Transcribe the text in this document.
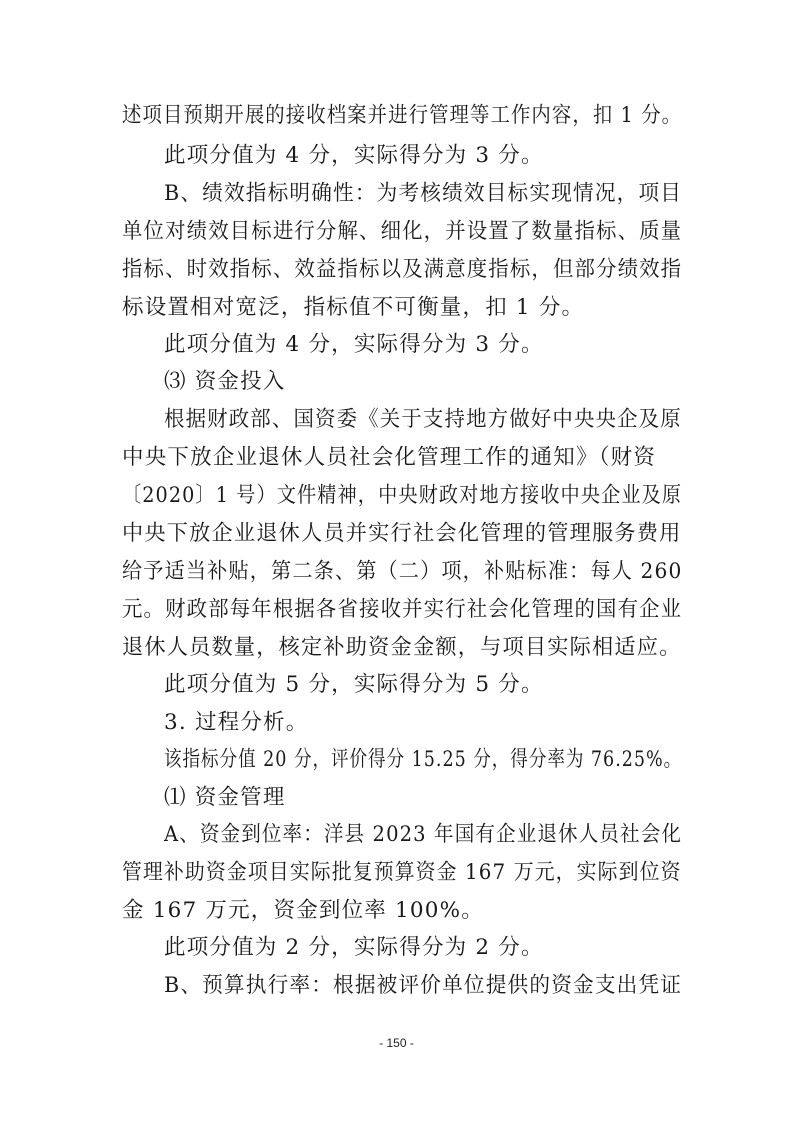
述项目预期开展的接收档案并进行管理等工作内容，扣 1 分。
此项分值为 4 分，实际得分为 3 分。
B、绩效指标明确性：为考核绩效目标实现情况，项目
单位对绩效目标进行分解、细化，并设置了数量指标、质量
指标、时效指标、效益指标以及满意度指标，但部分绩效指
标设置相对宽泛，指标值不可衡量，扣 1 分。
此项分值为 4 分，实际得分为 3 分。
⑶ 资金投入
根据财政部、国资委《关于支持地方做好中央央企及原
中央下放企业退休人员社会化管理工作的通知》（财资
〔2020〕1 号）文件精神，中央财政对地方接收中央企业及原
中央下放企业退休人员并实行社会化管理的管理服务费用
给予适当补贴，第二条、第（二）项，补贴标准：每人 260
元。财政部每年根据各省接收并实行社会化管理的国有企业
退休人员数量，核定补助资金金额，与项目实际相适应。
此项分值为 5 分，实际得分为 5 分。
3. 过程分析。
该指标分值 20 分，评价得分 15.25 分，得分率为 76.25%。
⑴ 资金管理
A、资金到位率：洋县 2023 年国有企业退休人员社会化
管理补助资金项目实际批复预算资金 167 万元，实际到位资
金 167 万元，资金到位率 100%。
此项分值为 2 分，实际得分为 2 分。
B、预算执行率：根据被评价单位提供的资金支出凭证
- 150 -
